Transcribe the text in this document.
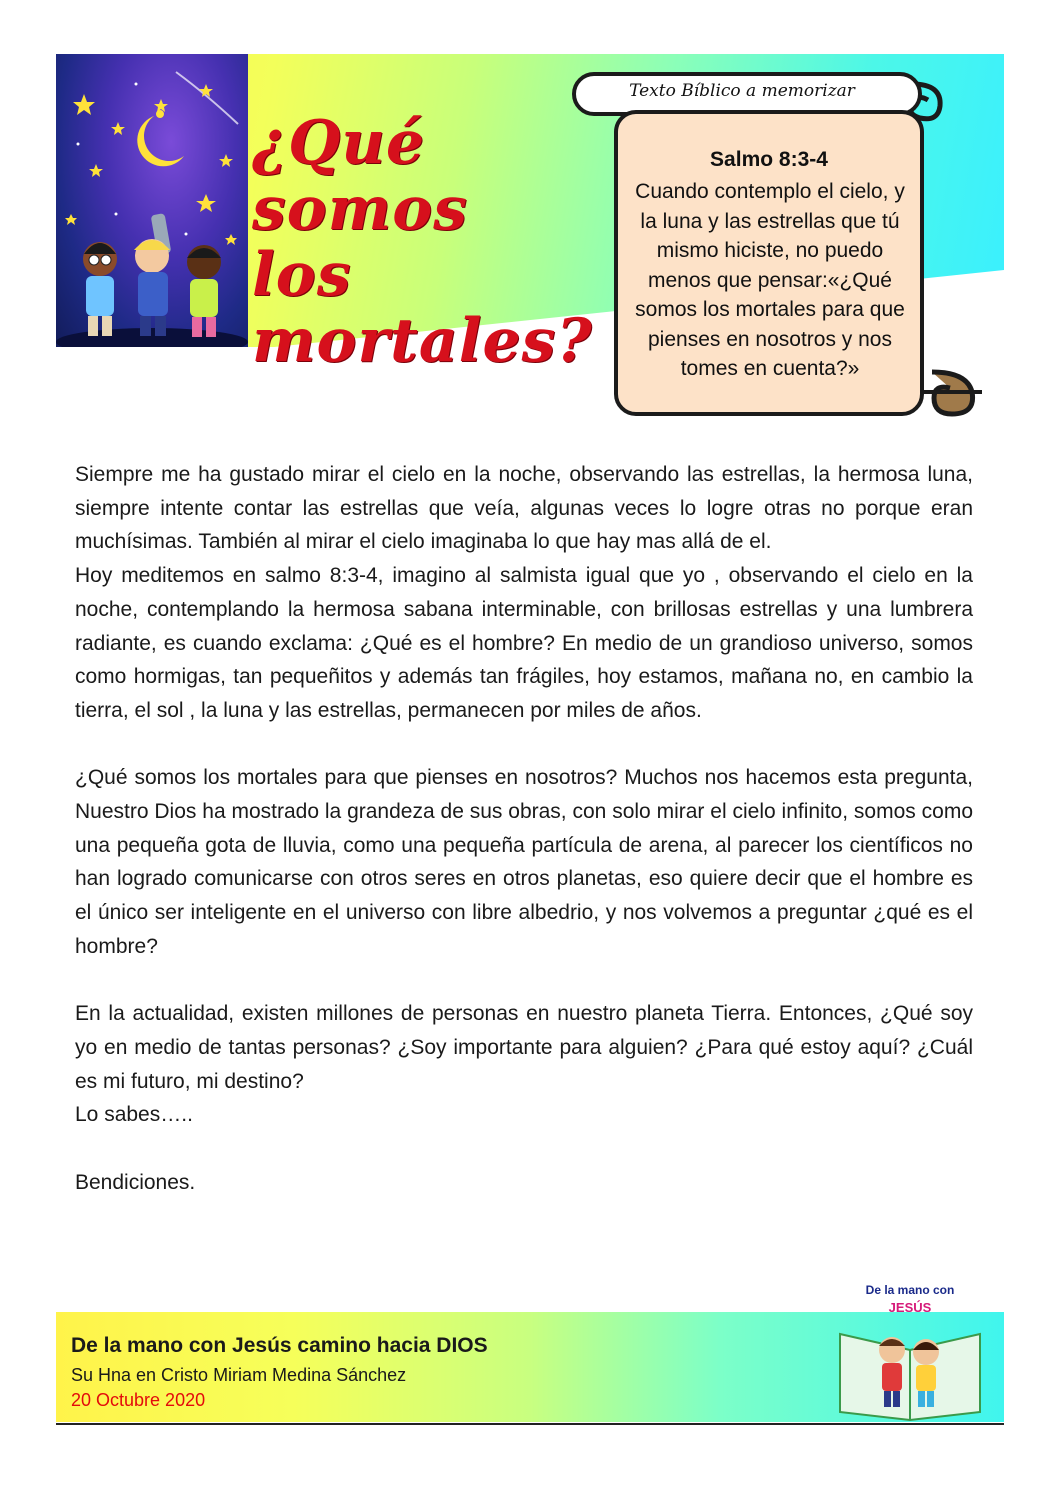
¿Qué somos
los mortales?
Texto Bíblico a memorizar
Salmo 8:3-4
Cuando contemplo el cielo, y la luna y las estrellas que tú mismo hiciste, no puedo menos que pensar:«¿Qué somos los mortales para que pienses en nosotros y nos tomes en cuenta?»

Siempre me ha gustado mirar el cielo en la noche, observando las estrellas, la hermosa luna, siempre intente contar las estrellas que veía, algunas veces lo logre otras no porque eran muchísimas. También al mirar el cielo imaginaba lo que hay mas allá de el.

Hoy meditemos en salmo 8:3-4, imagino al salmista igual que yo , observando el cielo en la noche, contemplando la hermosa sabana interminable, con brillosas estrellas y una lumbrera radiante, es cuando exclama: ¿Qué es el hombre? En medio de un grandioso universo, somos como hormigas, tan pequeñitos y además tan frágiles, hoy estamos, mañana no, en cambio la tierra, el sol , la luna y las estrellas, permanecen por miles de años.

¿Qué somos los mortales para que pienses en nosotros? Muchos nos hacemos esta pregunta, Nuestro Dios ha mostrado la grandeza de sus obras, con solo mirar el cielo infinito, somos como una pequeña gota de lluvia, como una pequeña partícula de arena, al parecer los científicos no han logrado comunicarse con otros seres en otros planetas, eso quiere decir que el hombre es el único ser inteligente en el universo con libre albedrio, y nos volvemos a preguntar ¿qué es el hombre?

En la actualidad, existen millones de personas en nuestro planeta Tierra. Entonces, ¿Qué soy yo en medio de tantas personas? ¿Soy importante para alguien? ¿Para qué estoy aquí? ¿Cuál es mi futuro, mi destino?

Lo sabes…..

Bendiciones.

De la mano con Jesús camino hacia DIOS
Su Hna en Cristo Miriam Medina Sánchez
20 Octubre 2020
De la mano con
JESÚS
